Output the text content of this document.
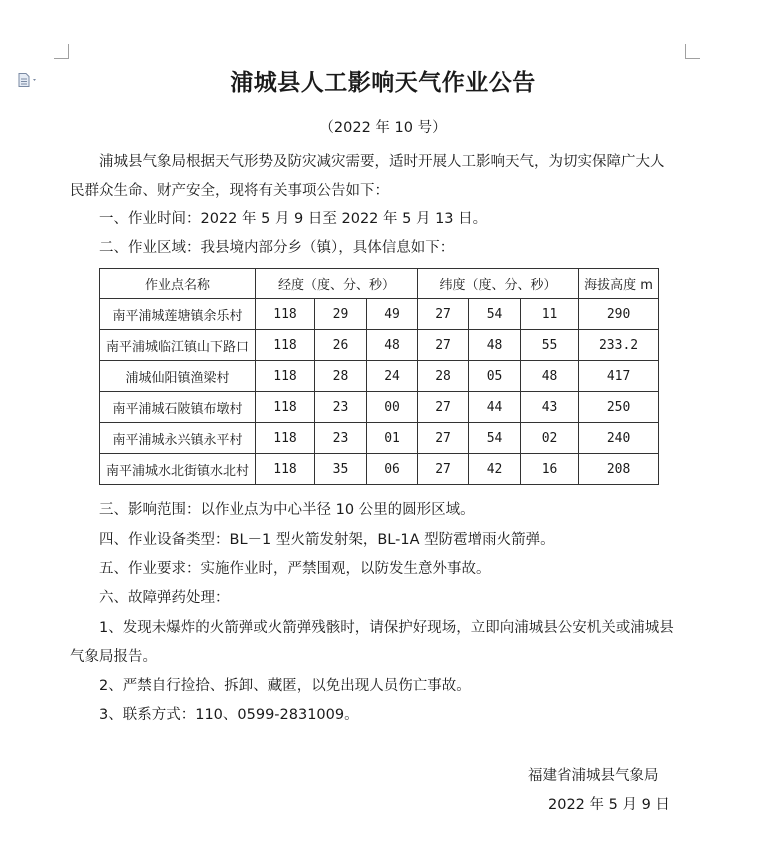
浦城县人工影响天气作业公告
（2022 年 10 号）
浦城县气象局根据天气形势及防灾减灾需要，适时开展人工影响天气，为切实保障广大人
民群众生命、财产安全，现将有关事项公告如下：
一、作业时间：2022 年 5 月 9 日至 2022 年 5 月 13 日。
二、作业区域：我县境内部分乡（镇），具体信息如下：
作业点名称	经度（度、分、秒）			纬度（度、分、秒）			海拔高度 m
南平浦城莲塘镇余乐村	118	29	49	27	54	11	290
南平浦城临江镇山下路口	118	26	48	27	48	55	233.2
浦城仙阳镇渔梁村	118	28	24	28	05	48	417
南平浦城石陂镇布墩村	118	23	00	27	44	43	250
南平浦城永兴镇永平村	118	23	01	27	54	02	240
南平浦城水北街镇水北村	118	35	06	27	42	16	208
三、影响范围：以作业点为中心半径 10 公里的圆形区域。
四、作业设备类型：BL－1 型火箭发射架，BL-1A 型防雹增雨火箭弹。
五、作业要求：实施作业时，严禁围观，以防发生意外事故。
六、故障弹药处理：
1、发现未爆炸的火箭弹或火箭弹残骸时，请保护好现场，立即向浦城县公安机关或浦城县
气象局报告。
2、严禁自行捡拾、拆卸、藏匿，以免出现人员伤亡事故。
3、联系方式：110、0599-2831009。
福建省浦城县气象局
2022 年 5 月 9 日
